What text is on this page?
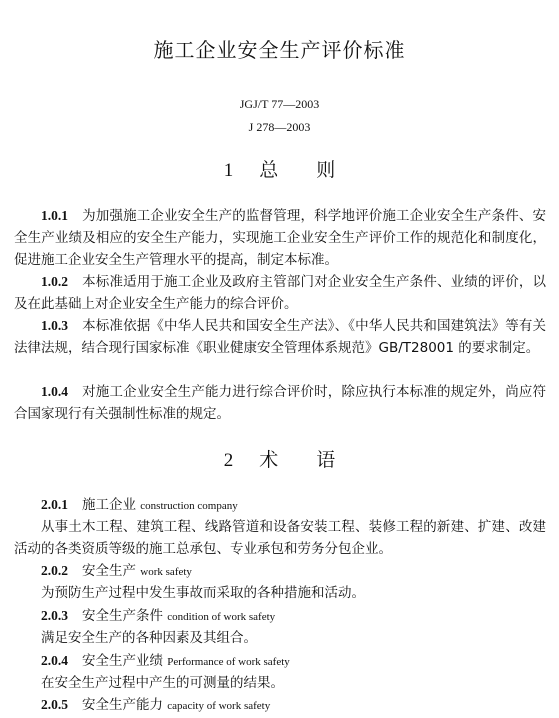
施工企业安全生产评价标准
JGJ/T 77—2003
J 278—2003
1 总　　则
1.0.1 为加强施工企业安全生产的监督管理，科学地评价施工企业安全生产条件、安全生产业绩及相应的安全生产能力，实现施工企业安全生产评价工作的规范化和制度化，促进施工企业安全生产管理水平的提高，制定本标准。
1.0.2 本标准适用于施工企业及政府主管部门对企业安全生产条件、业绩的评价，以及在此基础上对企业安全生产能力的综合评价。
1.0.3 本标准依据《中华人民共和国安全生产法》、《中华人民共和国建筑法》等有关法律法规，结合现行国家标准《职业健康安全管理体系规范》GB/T28001 的要求制定。
1.0.4 对施工企业安全生产能力进行综合评价时，除应执行本标准的规定外，尚应符合国家现行有关强制性标准的规定。
2 术　　语
2.0.1 施工企业 construction company
从事土木工程、建筑工程、线路管道和设备安装工程、装修工程的新建、扩建、改建活动的各类资质等级的施工总承包、专业承包和劳务分包企业。
2.0.2 安全生产 work safety
为预防生产过程中发生事故而采取的各种措施和活动。
2.0.3 安全生产条件 condition of work safety
满足安全生产的各种因素及其组合。
2.0.4 安全生产业绩 Performance of work safety
在安全生产过程中产生的可测量的结果。
2.0.5 安全生产能力 capacity of work safety
